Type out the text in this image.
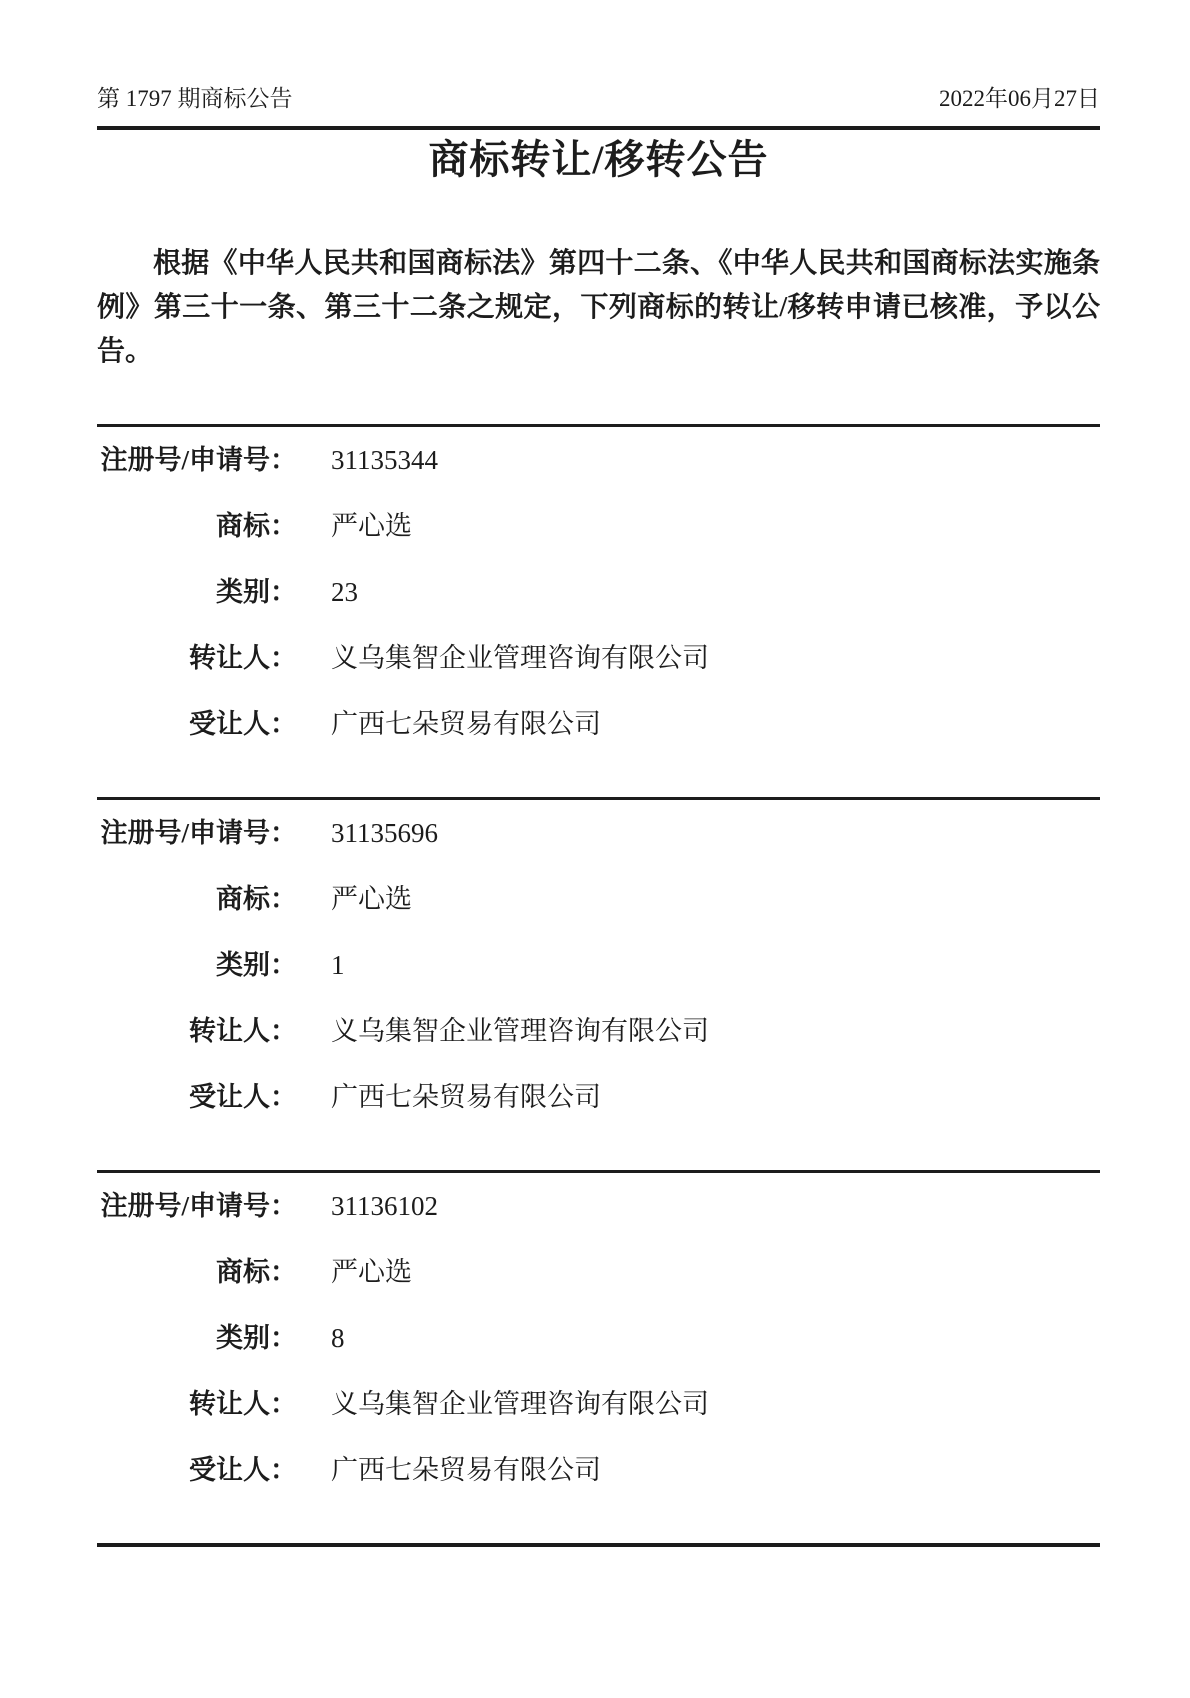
第 1797 期商标公告	2022年06月27日
商标转让/移转公告

根据《中华人民共和国商标法》第四十二条、《中华人民共和国商标法实施条例》第三十一条、第三十二条之规定，下列商标的转让/移转申请已核准，予以公告。

注册号/申请号： 31135344
商标： 严心选
类别： 23
转让人： 义乌集智企业管理咨询有限公司
受让人： 广西七朵贸易有限公司
注册号/申请号： 31135696
商标： 严心选
类别： 1
转让人： 义乌集智企业管理咨询有限公司
受让人： 广西七朵贸易有限公司
注册号/申请号： 31136102
商标： 严心选
类别： 8
转让人： 义乌集智企业管理咨询有限公司
受让人： 广西七朵贸易有限公司
